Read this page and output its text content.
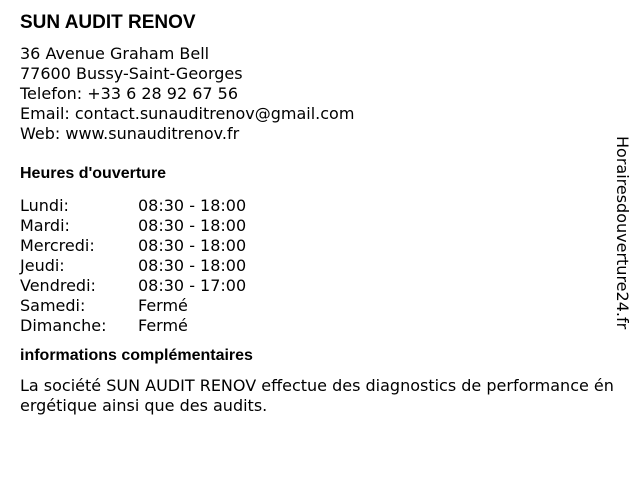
SUN AUDIT RENOV
36 Avenue Graham Bell
77600 Bussy-Saint-Georges
Telefon: +33 6 28 92 67 56
Email: contact.sunauditrenov@gmail.com
Web: www.sunauditrenov.fr
Heures d'ouverture
Lundi:	08:30 - 18:00
Mardi:	08:30 - 18:00
Mercredi:	08:30 - 18:00
Jeudi:	08:30 - 18:00
Vendredi:	08:30 - 17:00
Samedi:	Fermé
Dimanche:	Fermé
informations complémentaires
La société SUN AUDIT RENOV effectue des diagnostics de performance énergétique ainsi que des audits.
Horairesdouverture24.fr
